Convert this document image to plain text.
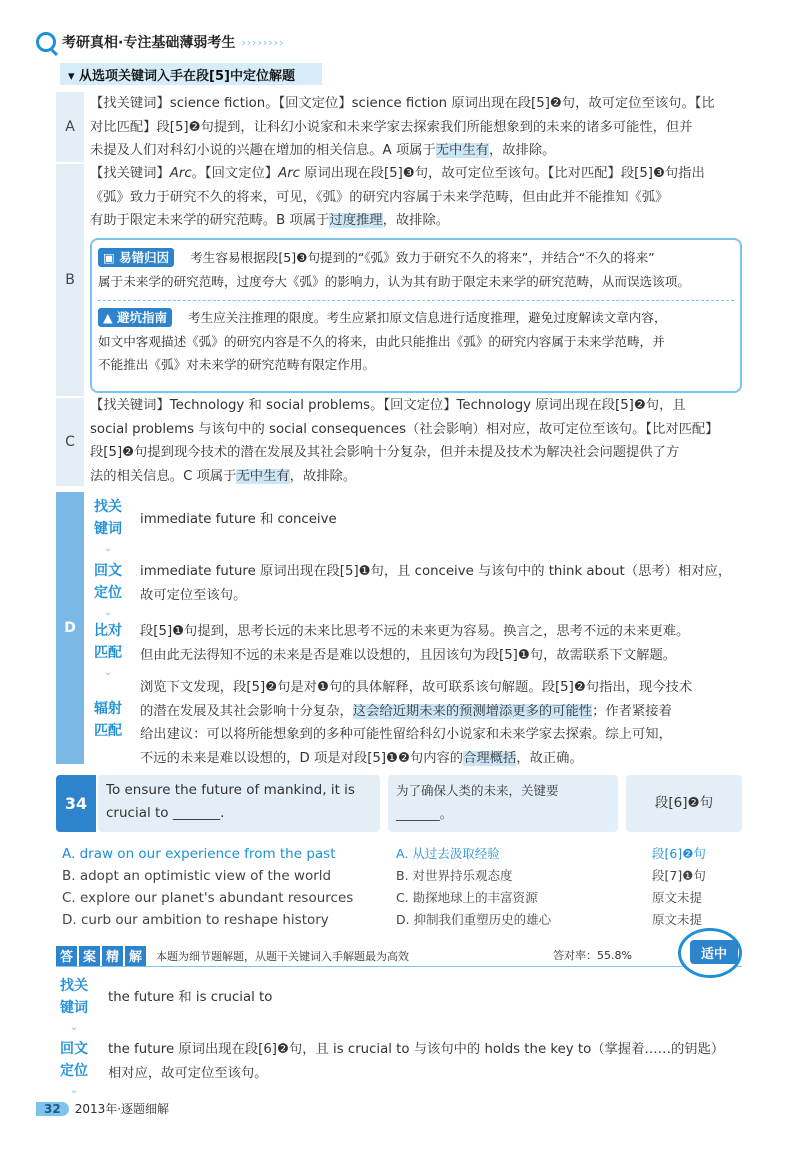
考研真相·专注基础薄弱考生 ››››››››
▾ 从选项关键词入手在段[5]中定位解题
A
【找关键词】science fiction。【回文定位】science fiction 原词出现在段[5]❷句，故可定位至该句。【比
对比匹配】段[5]❷句提到，让科幻小说家和未来学家去探索我们所能想象到的未来的诸多可能性，但并
未提及人们对科幻小说的兴趣在增加的相关信息。A 项属于无中生有，故排除。
B
【找关键词】Arc。【回文定位】Arc 原词出现在段[5]❸句，故可定位至该句。【比对匹配】段[5]❸句指出
《弧》致力于研究不久的将来，可见，《弧》的研究内容属于未来学范畴，但由此并不能推知《弧》
有助于限定未来学的研究范畴。B 项属于过度推理，故排除。
▣ 易错归因 考生容易根据段[5]❸句提到的“《弧》致力于研究不久的将来”，并结合“不久的将来”
属于未来学的研究范畴，过度夸大《弧》的影响力，认为其有助于限定未来学的研究范畴，从而误选该项。
▲ 避坑指南 考生应关注推理的限度。考生应紧扣原文信息进行适度推理，避免过度解读文章内容，
如文中客观描述《弧》的研究内容是不久的将来，由此只能推出《弧》的研究内容属于未来学范畴，并
不能推出《弧》对未来学的研究范畴有限定作用。
C
【找关键词】Technology 和 social problems。【回文定位】Technology 原词出现在段[5]❷句，且
social problems 与该句中的 social consequences（社会影响）相对应，故可定位至该句。【比对匹配】
段[5]❷句提到现今技术的潜在发展及其社会影响十分复杂，但并未提及技术为解决社会问题提供了方
法的相关信息。C 项属于无中生有，故排除。
D
找关
键词
⌄
immediate future 和 conceive
回文
定位
⌄
immediate future 原词出现在段[5]❶句，且 conceive 与该句中的 think about（思考）相对应，
故可定位至该句。
比对
匹配
⌄
段[5]❶句提到，思考长远的未来比思考不远的未来更为容易。换言之，思考不远的未来更难。
但由此无法得知不远的未来是否是难以设想的，且因该句为段[5]❶句，故需联系下文解题。
辐射
匹配
浏览下文发现，段[5]❷句是对❶句的具体解释，故可联系该句解题。段[5]❷句指出，现今技术
的潜在发展及其社会影响十分复杂，这会给近期未来的预测增添更多的可能性；作者紧接着
给出建议：可以将所能想象到的多种可能性留给科幻小说家和未来学家去探索。综上可知，
不远的未来是难以设想的，D 项是对段[5]❶❷句内容的合理概括，故正确。
34
To ensure the future of mankind, it is
crucial to _______.
为了确保人类的未来，关键要
_______。
段[6]❷句
A. draw on our experience from the past	A. 从过去汲取经验	段[6]❷句
B. adopt an optimistic view of the world	B. 对世界持乐观态度	段[7]❶句
C. explore our planet's abundant resources	C. 勘探地球上的丰富资源	原文未提
D. curb our ambition to reshape history	D. 抑制我们重塑历史的雄心	原文未提
答 案 精 解	本题为细节题解题，从题干关键词入手解题最为高效	答对率：55.8%	适中
找关
键词
⌄
the future 和 is crucial to
回文
定位
⌄
the future 原词出现在段[6]❷句，且 is crucial to 与该句中的 holds the key to（掌握着……的钥匙）
相对应，故可定位至该句。
32	2013年·逐题细解
